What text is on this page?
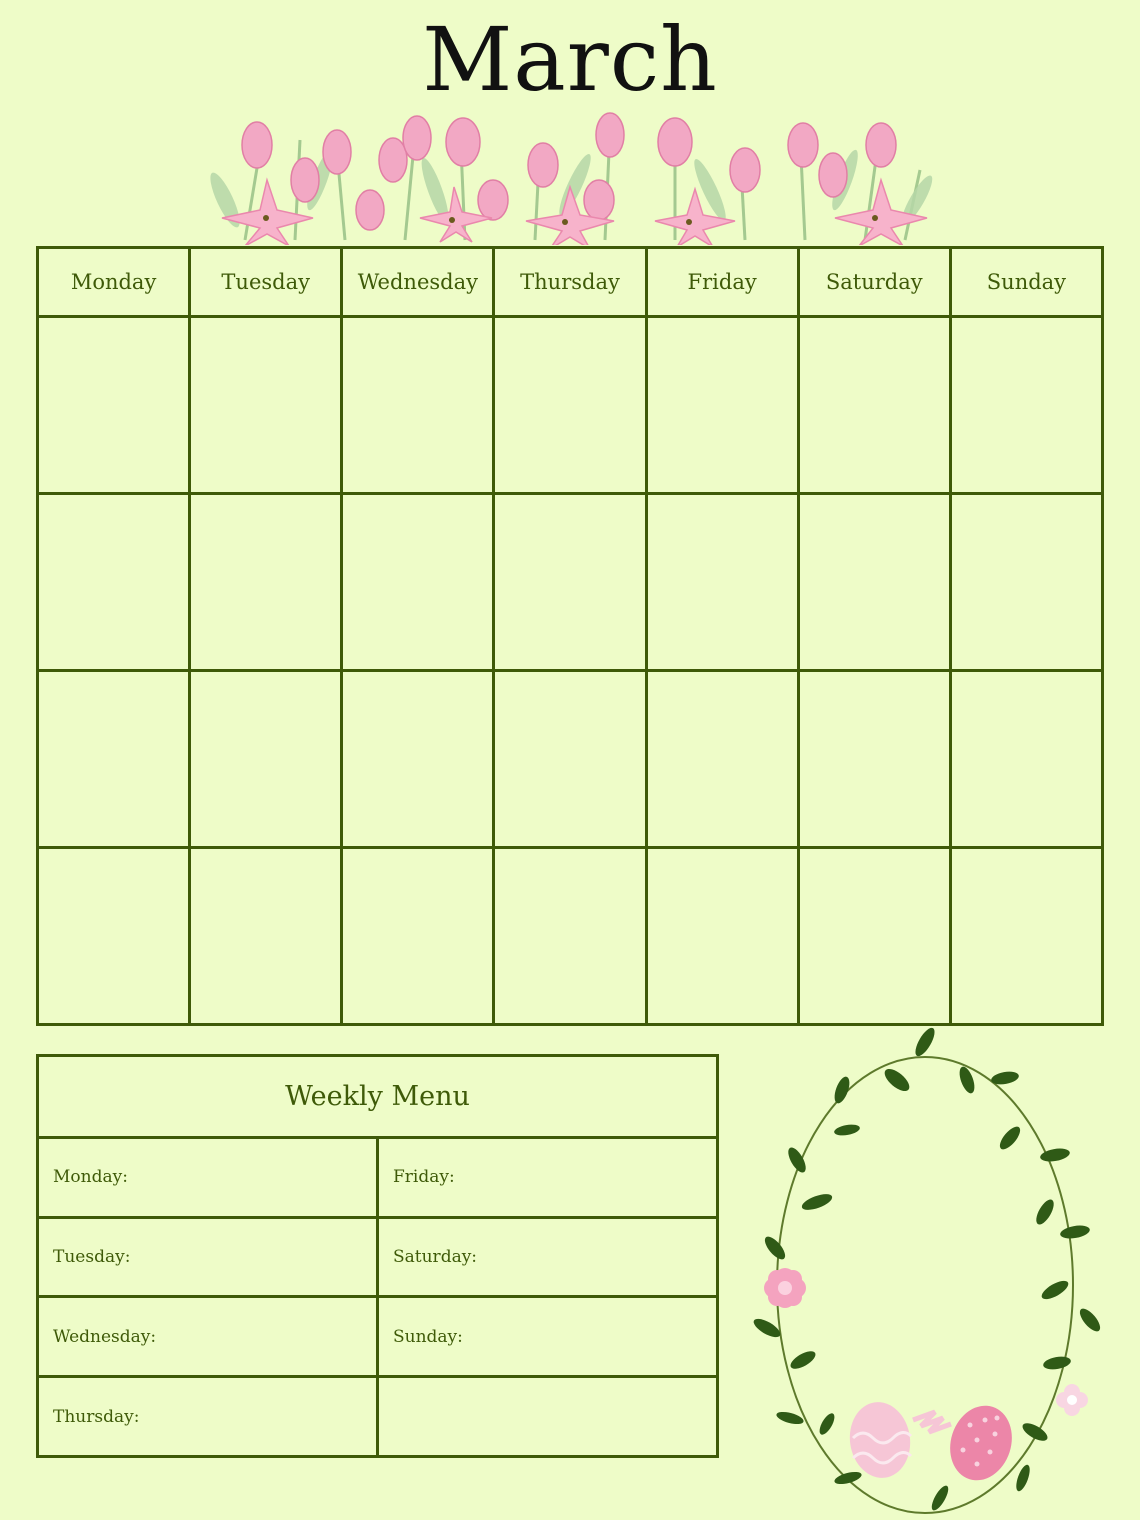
March
Monday	Tuesday	Wednesday	Thursday	Friday	Saturday	Sunday

Weekly Menu	
Monday:	Friday:
Tuesday:	Saturday:
Wednesday:	Sunday:
Thursday:	
